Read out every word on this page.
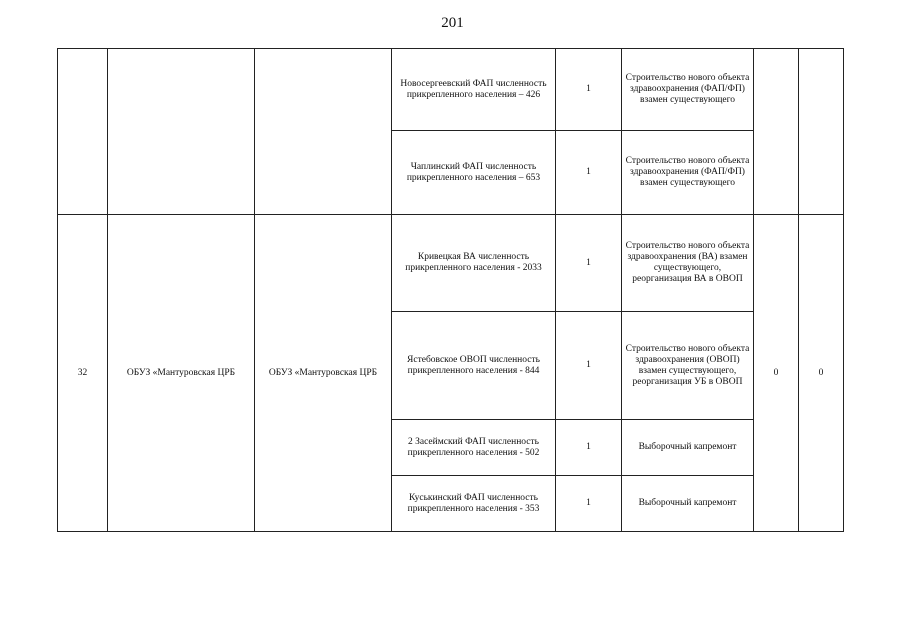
201
			Новосергеевский ФАП численность прикрепленного населения – 426	1	Строительство нового объекта здравоохранения (ФАП/ФП) взамен существующего		
			Чаплинский ФАП численность прикрепленного населения – 653	1	Строительство нового объекта здравоохранения (ФАП/ФП) взамен существующего		
32	ОБУЗ «Мантуровская ЦРБ	ОБУЗ «Мантуровская ЦРБ	Кривецкая ВА численность прикрепленного населения - 2033	1	Строительство нового объекта здравоохранения (ВА) взамен существующего, реорганизация ВА в ОВОП	0	0
			Ястебовское ОВОП численность прикрепленного населения - 844	1	Строительство нового объекта здравоохранения (ОВОП) взамен существующего, реорганизация УБ в ОВОП		
			2 Засеймский ФАП численность прикрепленного населения - 502	1	Выборочный капремонт		
			Куськинский ФАП численность прикрепленного населения - 353	1	Выборочный капремонт		
